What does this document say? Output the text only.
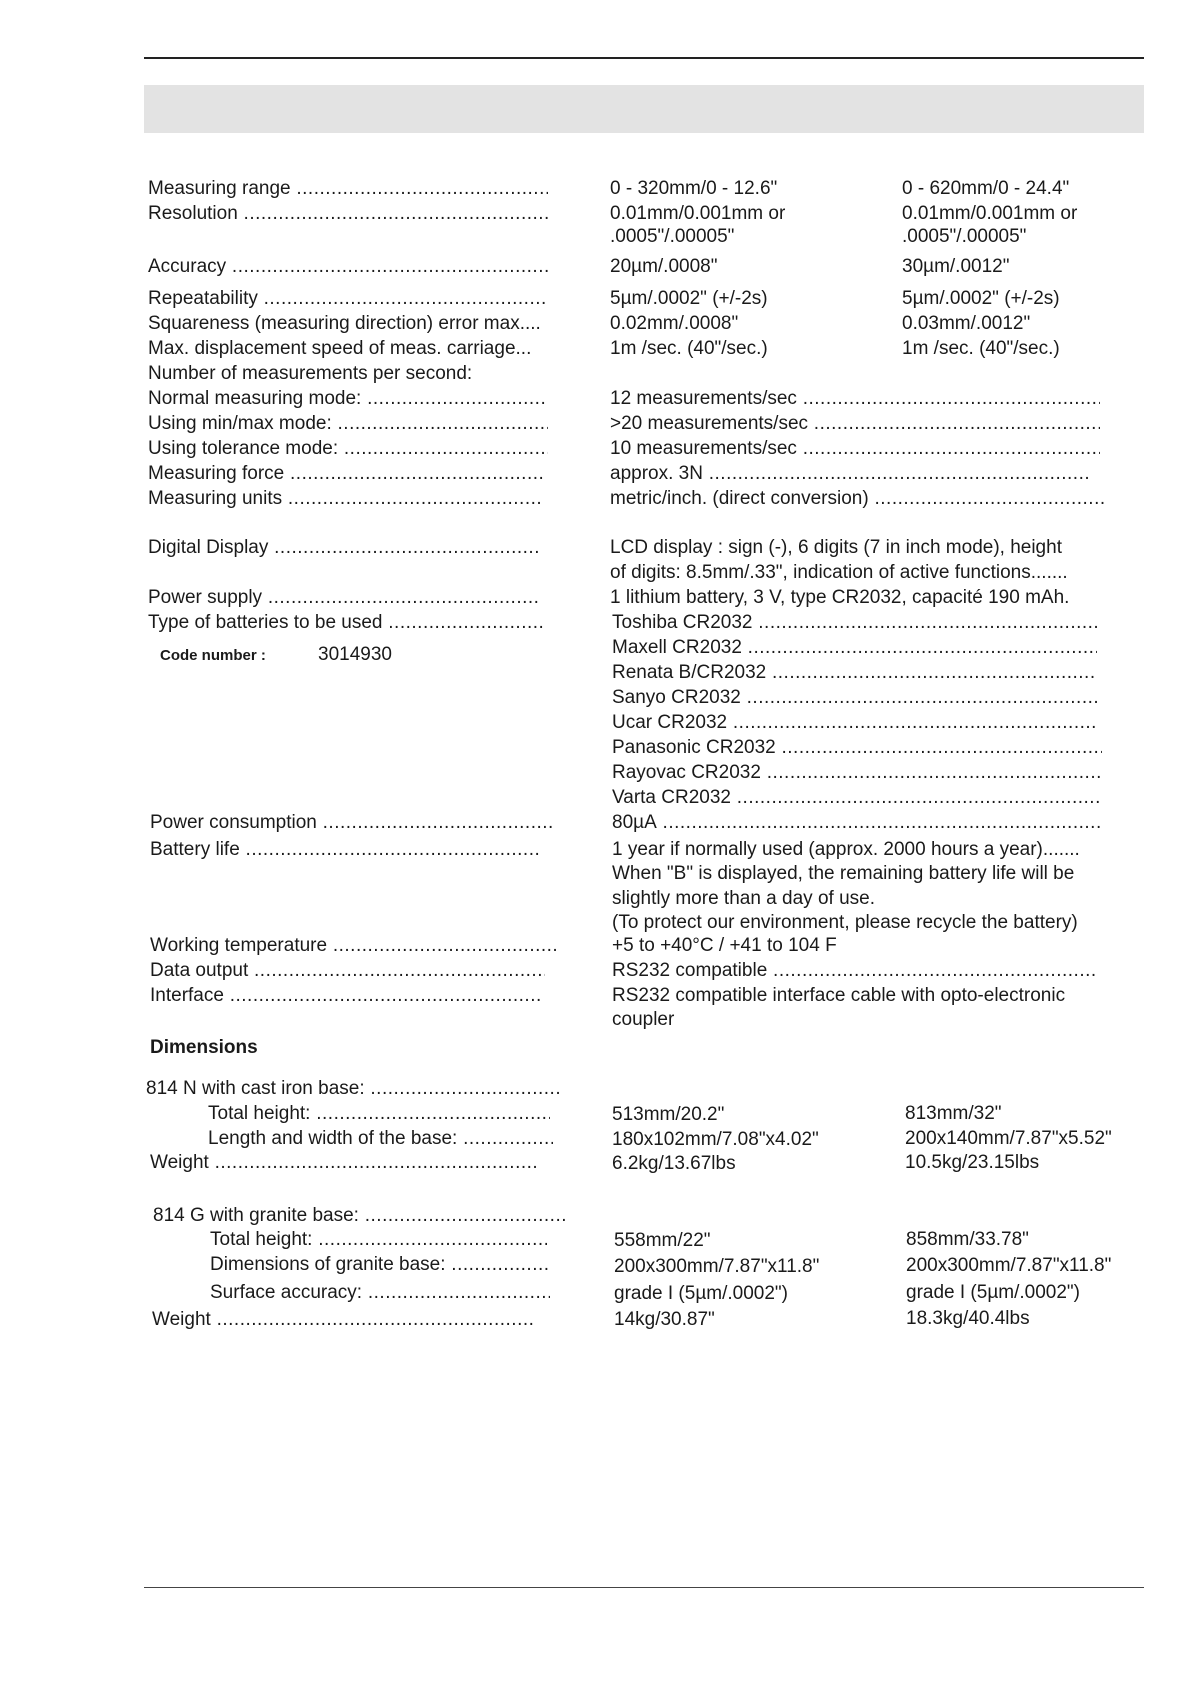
Measuring range .....
Resolution .....
Accuracy .....
Repeatability .....
Squareness (measuring direction) error max....
Max. displacement speed of meas. carriage...
Number of measurements per second:
Normal measuring mode: .....
Using min/max mode: .....
Using tolerance mode: .....
Measuring force .....
Measuring units .....
Digital Display .....
Power supply .....
Type of batteries to be used .....
Code number :	3014930
Power consumption .....
Battery life .....
Working temperature .....
Data output .....
Interface .....
0 - 320mm/0 - 12.6"
0.01mm/0.001mm or
.0005"/.00005"
20µm/.0008"
5µm/.0002" (+/-2s)
0.02mm/.0008"
1m /sec. (40"/sec.)
0 - 620mm/0 - 24.4"
0.01mm/0.001mm or
.0005"/.00005"
30µm/.0012"
5µm/.0002" (+/-2s)
0.03mm/.0012"
1m /sec. (40"/sec.)
12 measurements/sec .....
>20 measurements/sec .....
10 measurements/sec .....
approx. 3N .....
metric/inch. (direct conversion) .....
LCD display : sign (-), 6 digits (7 in inch mode), height
of digits: 8.5mm/.33", indication of active functions.......
1 lithium battery, 3 V, type CR2032, capacité 190 mAh.
Toshiba CR2032 .....
Maxell CR2032 .....
Renata B/CR2032 .....
Sanyo CR2032 .....
Ucar CR2032 .....
Panasonic CR2032 .....
Rayovac CR2032 .....
Varta CR2032 .....
80µA .....
1 year if normally used (approx. 2000 hours a year).......
When "B" is displayed, the remaining battery life will be
slightly more than a day of use.
(To protect our environment, please recycle the battery)
+5 to +40°C / +41 to 104 F
RS232 compatible .....
RS232 compatible interface cable with opto-electronic
coupler
Dimensions
814 N with cast iron base: .....
Total height: .....
Length and width of the base: .....
Weight .....
513mm/20.2"
180x102mm/7.08"x4.02"
6.2kg/13.67lbs
813mm/32"
200x140mm/7.87"x5.52"
10.5kg/23.15lbs
814 G with granite base: .....
Total height: .....
Dimensions of granite base: .....
Surface accuracy: .....
Weight .....
558mm/22"
200x300mm/7.87"x11.8"
grade I (5µm/.0002")
14kg/30.87"
858mm/33.78"
200x300mm/7.87"x11.8"
grade I (5µm/.0002")
18.3kg/40.4lbs
